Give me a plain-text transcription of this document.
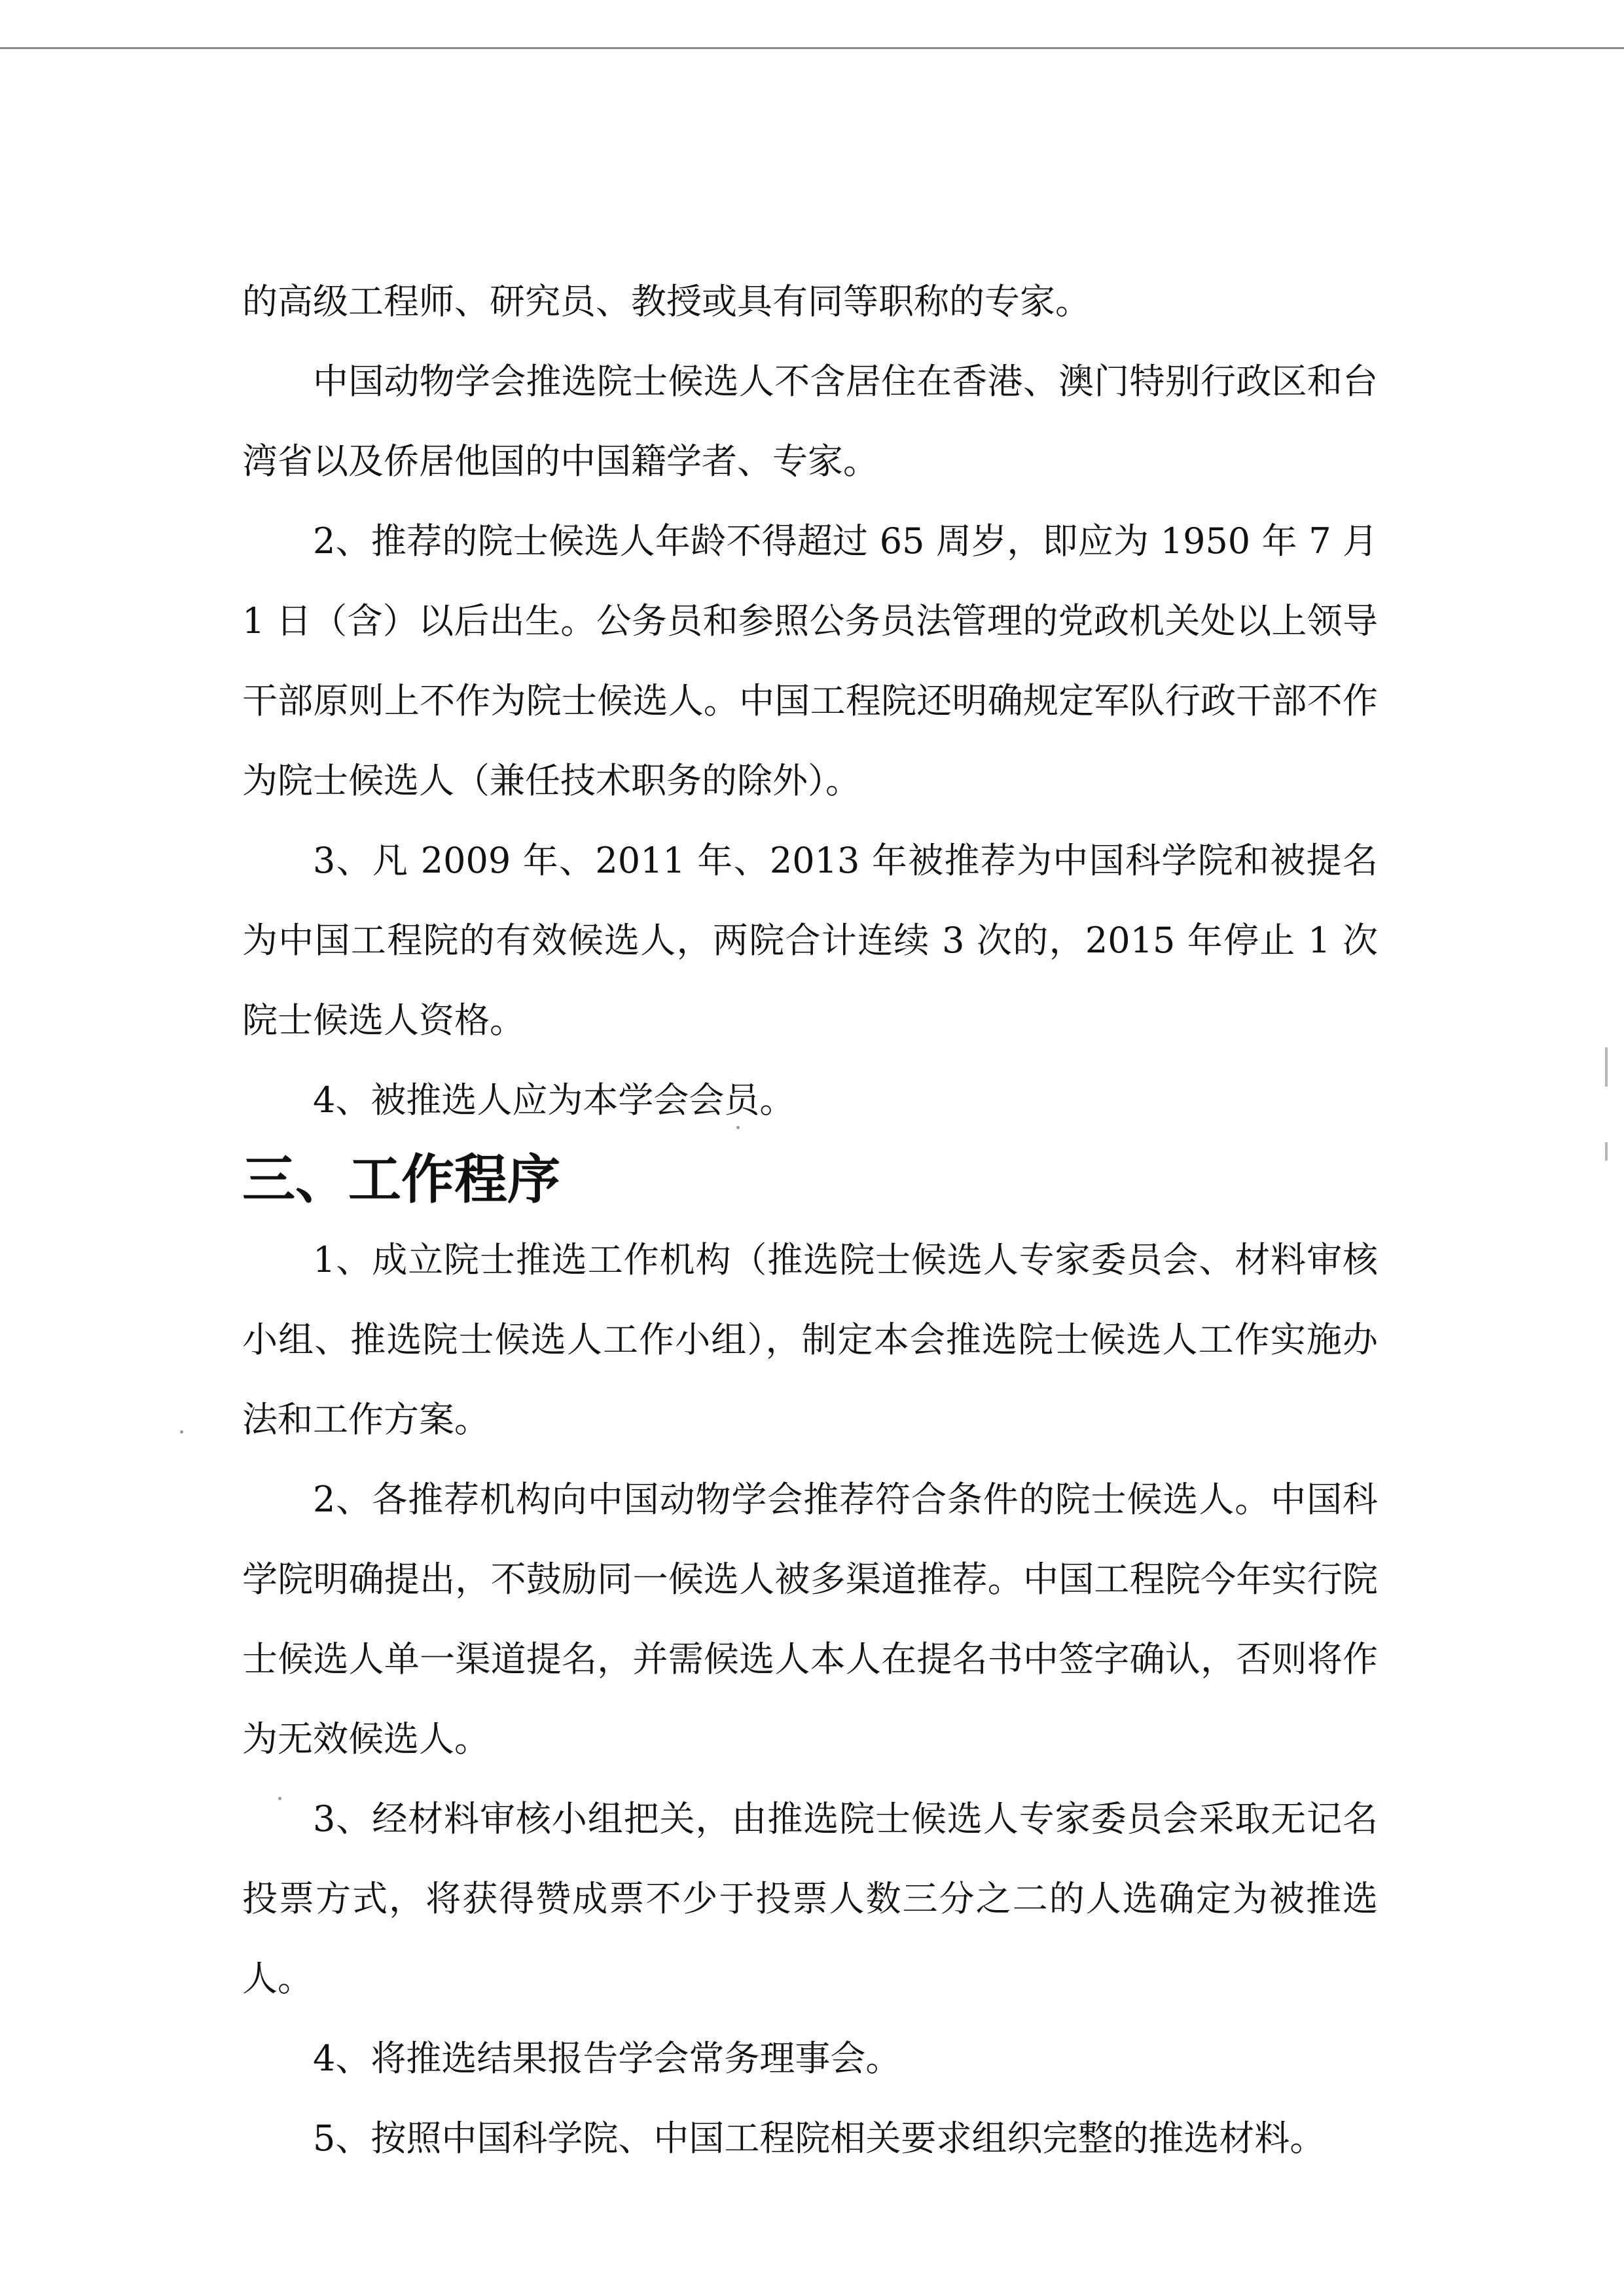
的高级工程师、研究员、教授或具有同等职称的专家。

中国动物学会推选院士候选人不含居住在香港、澳门特别行政区和台湾省以及侨居他国的中国籍学者、专家。

2、推荐的院士候选人年龄不得超过 65 周岁，即应为 1950 年 7 月 1 日（含）以后出生。公务员和参照公务员法管理的党政机关处以上领导干部原则上不作为院士候选人。中国工程院还明确规定军队行政干部不作为院士候选人（兼任技术职务的除外）。

3、凡 2009 年、2011 年、2013 年被推荐为中国科学院和被提名为中国工程院的有效候选人，两院合计连续 3 次的，2015 年停止 1 次院士候选人资格。

4、被推选人应为本学会会员。

三、工作程序

1、成立院士推选工作机构（推选院士候选人专家委员会、材料审核小组、推选院士候选人工作小组），制定本会推选院士候选人工作实施办法和工作方案。

2、各推荐机构向中国动物学会推荐符合条件的院士候选人。中国科学院明确提出，不鼓励同一候选人被多渠道推荐。中国工程院今年实行院士候选人单一渠道提名，并需候选人本人在提名书中签字确认，否则将作为无效候选人。

3、经材料审核小组把关，由推选院士候选人专家委员会采取无记名投票方式，将获得赞成票不少于投票人数三分之二的人选确定为被推选人。

4、将推选结果报告学会常务理事会。

5、按照中国科学院、中国工程院相关要求组织完整的推选材料。
